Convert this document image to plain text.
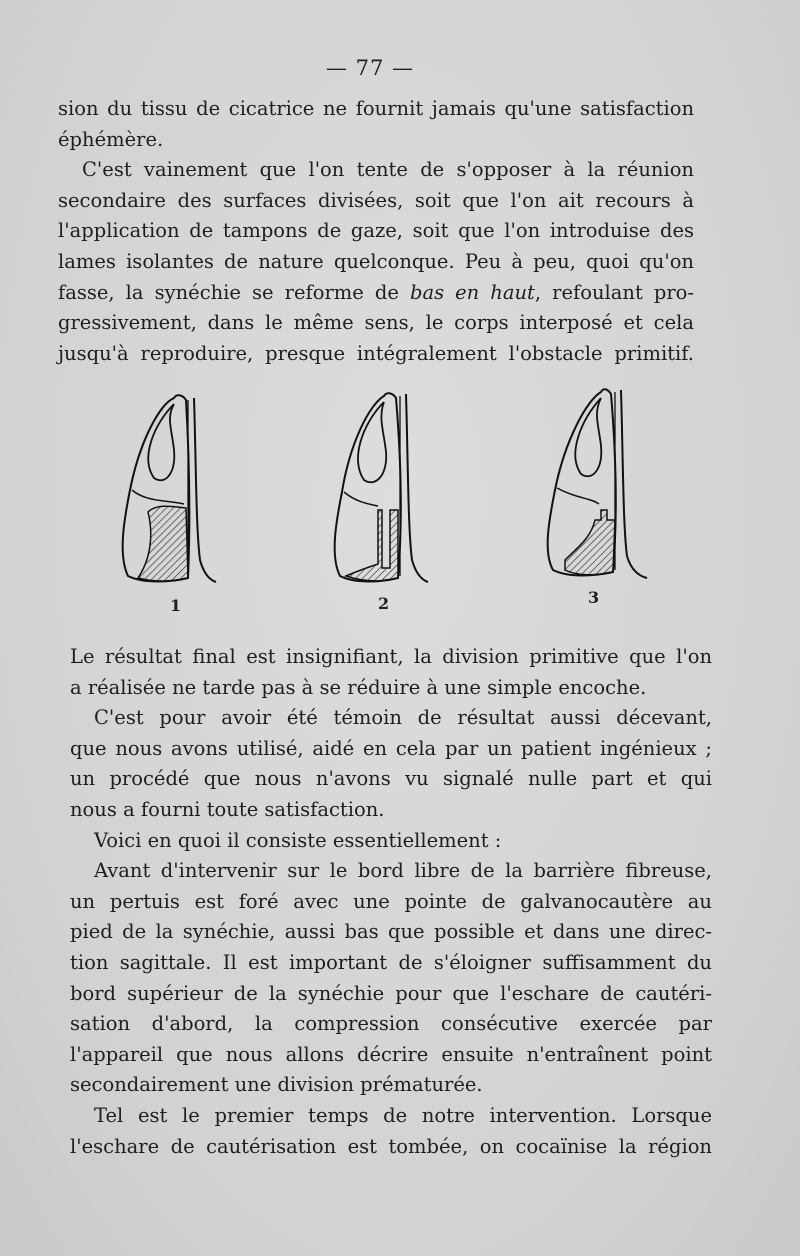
— 77 —
sion du tissu de cicatrice ne fournit jamais qu'une satisfaction
éphémère.
C'est vainement que l'on tente de s'opposer à la réunion
secondaire des surfaces divisées, soit que l'on ait recours à
l'application de tampons de gaze, soit que l'on introduise des
lames isolantes de nature quelconque. Peu à peu, quoi qu'on
fasse, la synéchie se reforme de bas en haut, refoulant pro-
gressivement, dans le même sens, le corps interposé et cela
jusqu'à reproduire, presque intégralement l'obstacle primitif.
1	2	3
Le résultat final est insignifiant, la division primitive que l'on
a réalisée ne tarde pas à se réduire à une simple encoche.
C'est pour avoir été témoin de résultat aussi décevant,
que nous avons utilisé, aidé en cela par un patient ingénieux ;
un procédé que nous n'avons vu signalé nulle part et qui
nous a fourni toute satisfaction.
Voici en quoi il consiste essentiellement :
Avant d'intervenir sur le bord libre de la barrière fibreuse,
un pertuis est foré avec une pointe de galvanocautère au
pied de la synéchie, aussi bas que possible et dans une direc-
tion sagittale. Il est important de s'éloigner suffisamment du
bord supérieur de la synéchie pour que l'eschare de cautéri-
sation d'abord, la compression consécutive exercée par
l'appareil que nous allons décrire ensuite n'entraînent point
secondairement une division prématurée.
Tel est le premier temps de notre intervention. Lorsque
l'eschare de cautérisation est tombée, on cocaïnise la région
